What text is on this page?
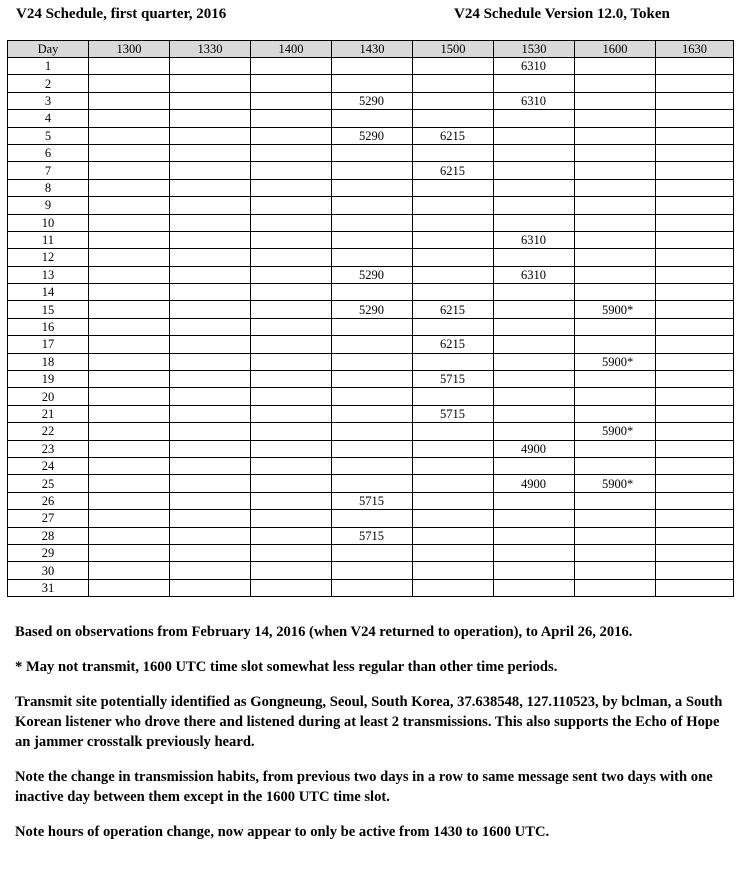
V24 Schedule, first quarter, 2016	V24 Schedule Version 12.0, Token
Day	1300	1330	1400	1430	1500	1530	1600	1630
1						6310		
2								
3				5290		6310		
4								
5				5290	6215			
6								
7					6215			
8								
9								
10								
11						6310		
12								
13				5290		6310		
14								
15				5290	6215		5900*	
16								
17					6215			
18							5900*	
19					5715			
20								
21					5715			
22							5900*	
23						4900		
24								
25						4900	5900*	
26				5715				
27								
28				5715				
29								
30								
31								

Based on observations from February 14, 2016 (when V24 returned to operation), to April 26, 2016.

* May not transmit, 1600 UTC time slot somewhat less regular than other time periods.

Transmit site potentially identified as Gongneung, Seoul, South Korea, 37.638548, 127.110523, by bclman, a South Korean listener who drove there and listened during at least 2 transmissions. This also supports the Echo of Hope an jammer crosstalk previously heard.

Note the change in transmission habits, from previous two days in a row to same message sent two days with one inactive day between them except in the 1600 UTC time slot.

Note hours of operation change, now appear to only be active from 1430 to 1600 UTC.
